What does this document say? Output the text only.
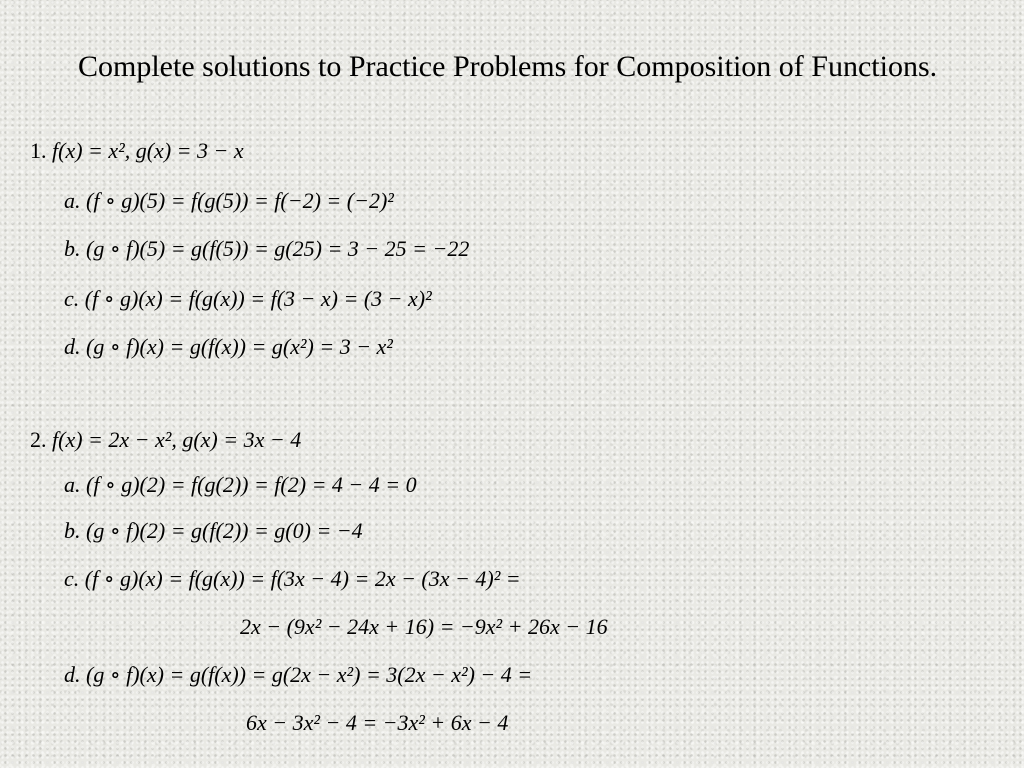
Complete solutions to Practice Problems for Composition of Functions.
1. f(x) = x², g(x) = 3 − x
a. (f ∘ g)(5) = f(g(5)) = f(−2) = (−2)²
b. (g ∘ f)(5) = g(f(5)) = g(25) = 3 − 25 = −22
c. (f ∘ g)(x) = f(g(x)) = f(3 − x) = (3 − x)²
d. (g ∘ f)(x) = g(f(x)) = g(x²) = 3 − x²
2. f(x) = 2x − x², g(x) = 3x − 4
a. (f ∘ g)(2) = f(g(2)) = f(2) = 4 − 4 = 0
b. (g ∘ f)(2) = g(f(2)) = g(0) = −4
c. (f ∘ g)(x) = f(g(x)) = f(3x − 4) = 2x − (3x − 4)² =
2x − (9x² − 24x + 16) = −9x² + 26x − 16
d. (g ∘ f)(x) = g(f(x)) = g(2x − x²) = 3(2x − x²) − 4 =
6x − 3x² − 4 = −3x² + 6x − 4
